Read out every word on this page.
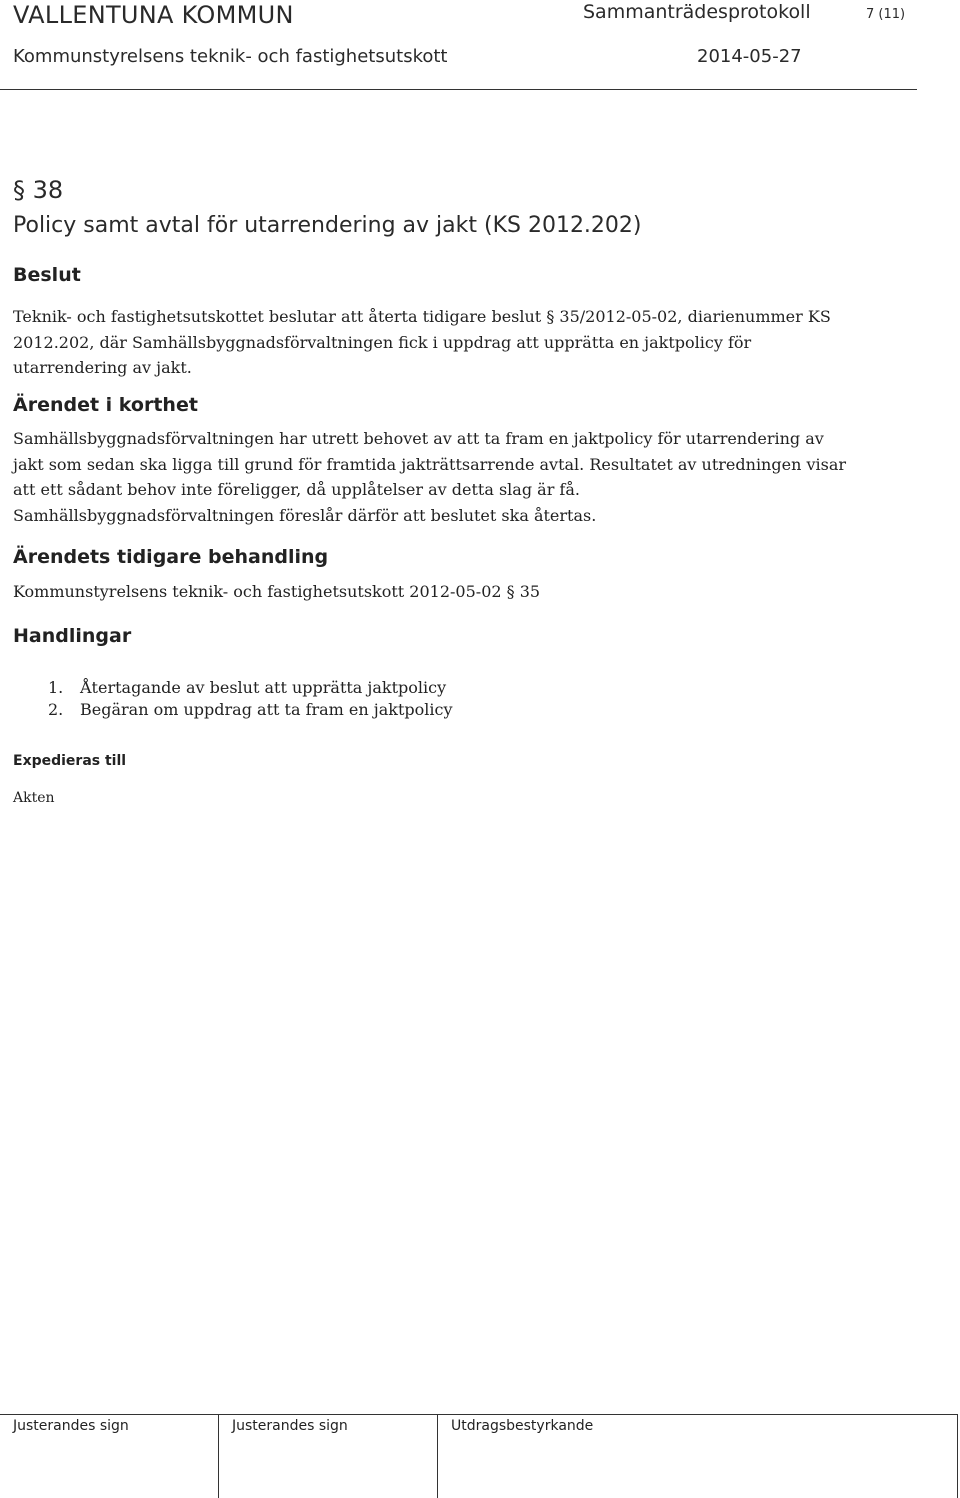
VALLENTUNA KOMMUN	Sammanträdesprotokoll	7 (11)
Kommunstyrelsens teknik- och fastighetsutskott	2014-05-27
§ 38
Policy samt avtal för utarrendering av jakt (KS 2012.202)
Beslut

Teknik- och fastighetsutskottet beslutar att återta tidigare beslut § 35/2012-05-02, diarienummer KS
2012.202, där Samhällsbyggnadsförvaltningen fick i uppdrag att upprätta en jaktpolicy för
utarrendering av jakt.

Ärendet i korthet

Samhällsbyggnadsförvaltningen har utrett behovet av att ta fram en jaktpolicy för utarrendering av
jakt som sedan ska ligga till grund för framtida jakträttsarrende avtal. Resultatet av utredningen visar
att ett sådant behov inte föreligger, då upplåtelser av detta slag är få.
Samhällsbyggnadsförvaltningen föreslår därför att beslutet ska återtas.

Ärendets tidigare behandling

Kommunstyrelsens teknik- och fastighetsutskott 2012-05-02 § 35

Handlingar
1. Återtagande av beslut att upprätta jaktpolicy
2. Begäran om uppdrag att ta fram en jaktpolicy
Expedieras till
Akten
Justerandes sign	Justerandes sign	Utdragsbestyrkande
